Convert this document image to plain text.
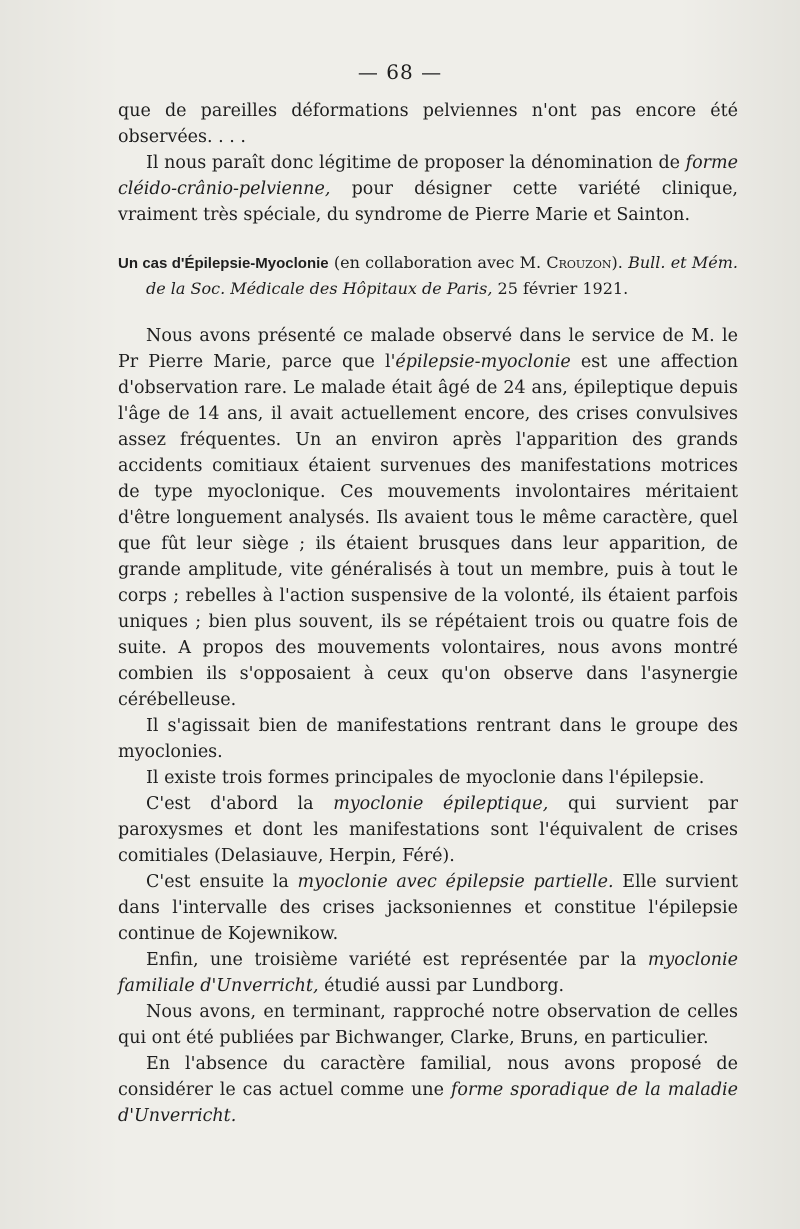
— 68 —

que de pareilles déformations pelviennes n'ont pas encore été observées. . . .

Il nous paraît donc légitime de proposer la dénomination de forme cléido-crânio-pelvienne, pour désigner cette variété clinique, vraiment très spéciale, du syndrome de Pierre Marie et Sainton.

Un cas d'Épilepsie-Myoclonie (en collaboration avec M. Crouzon). Bull. et Mém. de la Soc. Médicale des Hôpitaux de Paris, 25 février 1921.

Nous avons présenté ce malade observé dans le service de M. le Pr Pierre Marie, parce que l'épilepsie-myoclonie est une affection d'observation rare. Le malade était âgé de 24 ans, épileptique depuis l'âge de 14 ans, il avait actuellement encore, des crises convulsives assez fréquentes. Un an environ après l'apparition des grands accidents comitiaux étaient survenues des manifestations motrices de type myoclonique. Ces mouvements involontaires méritaient d'être longuement analysés. Ils avaient tous le même caractère, quel que fût leur siège ; ils étaient brusques dans leur apparition, de grande amplitude, vite généralisés à tout un membre, puis à tout le corps ; rebelles à l'action suspensive de la volonté, ils étaient parfois uniques ; bien plus souvent, ils se répétaient trois ou quatre fois de suite. A propos des mouvements volontaires, nous avons montré combien ils s'opposaient à ceux qu'on observe dans l'asynergie cérébelleuse.

Il s'agissait bien de manifestations rentrant dans le groupe des myoclonies.

Il existe trois formes principales de myoclonie dans l'épilepsie.

C'est d'abord la myoclonie épileptique, qui survient par paroxysmes et dont les manifestations sont l'équivalent de crises comitiales (Delasiauve, Herpin, Féré).

C'est ensuite la myoclonie avec épilepsie partielle. Elle survient dans l'intervalle des crises jacksoniennes et constitue l'épilepsie continue de Kojewnikow.

Enfin, une troisième variété est représentée par la myoclonie familiale d'Unverricht, étudié aussi par Lundborg.

Nous avons, en terminant, rapproché notre observation de celles qui ont été publiées par Bichwanger, Clarke, Bruns, en particulier.

En l'absence du caractère familial, nous avons proposé de considérer le cas actuel comme une forme sporadique de la maladie d'Unverricht.
